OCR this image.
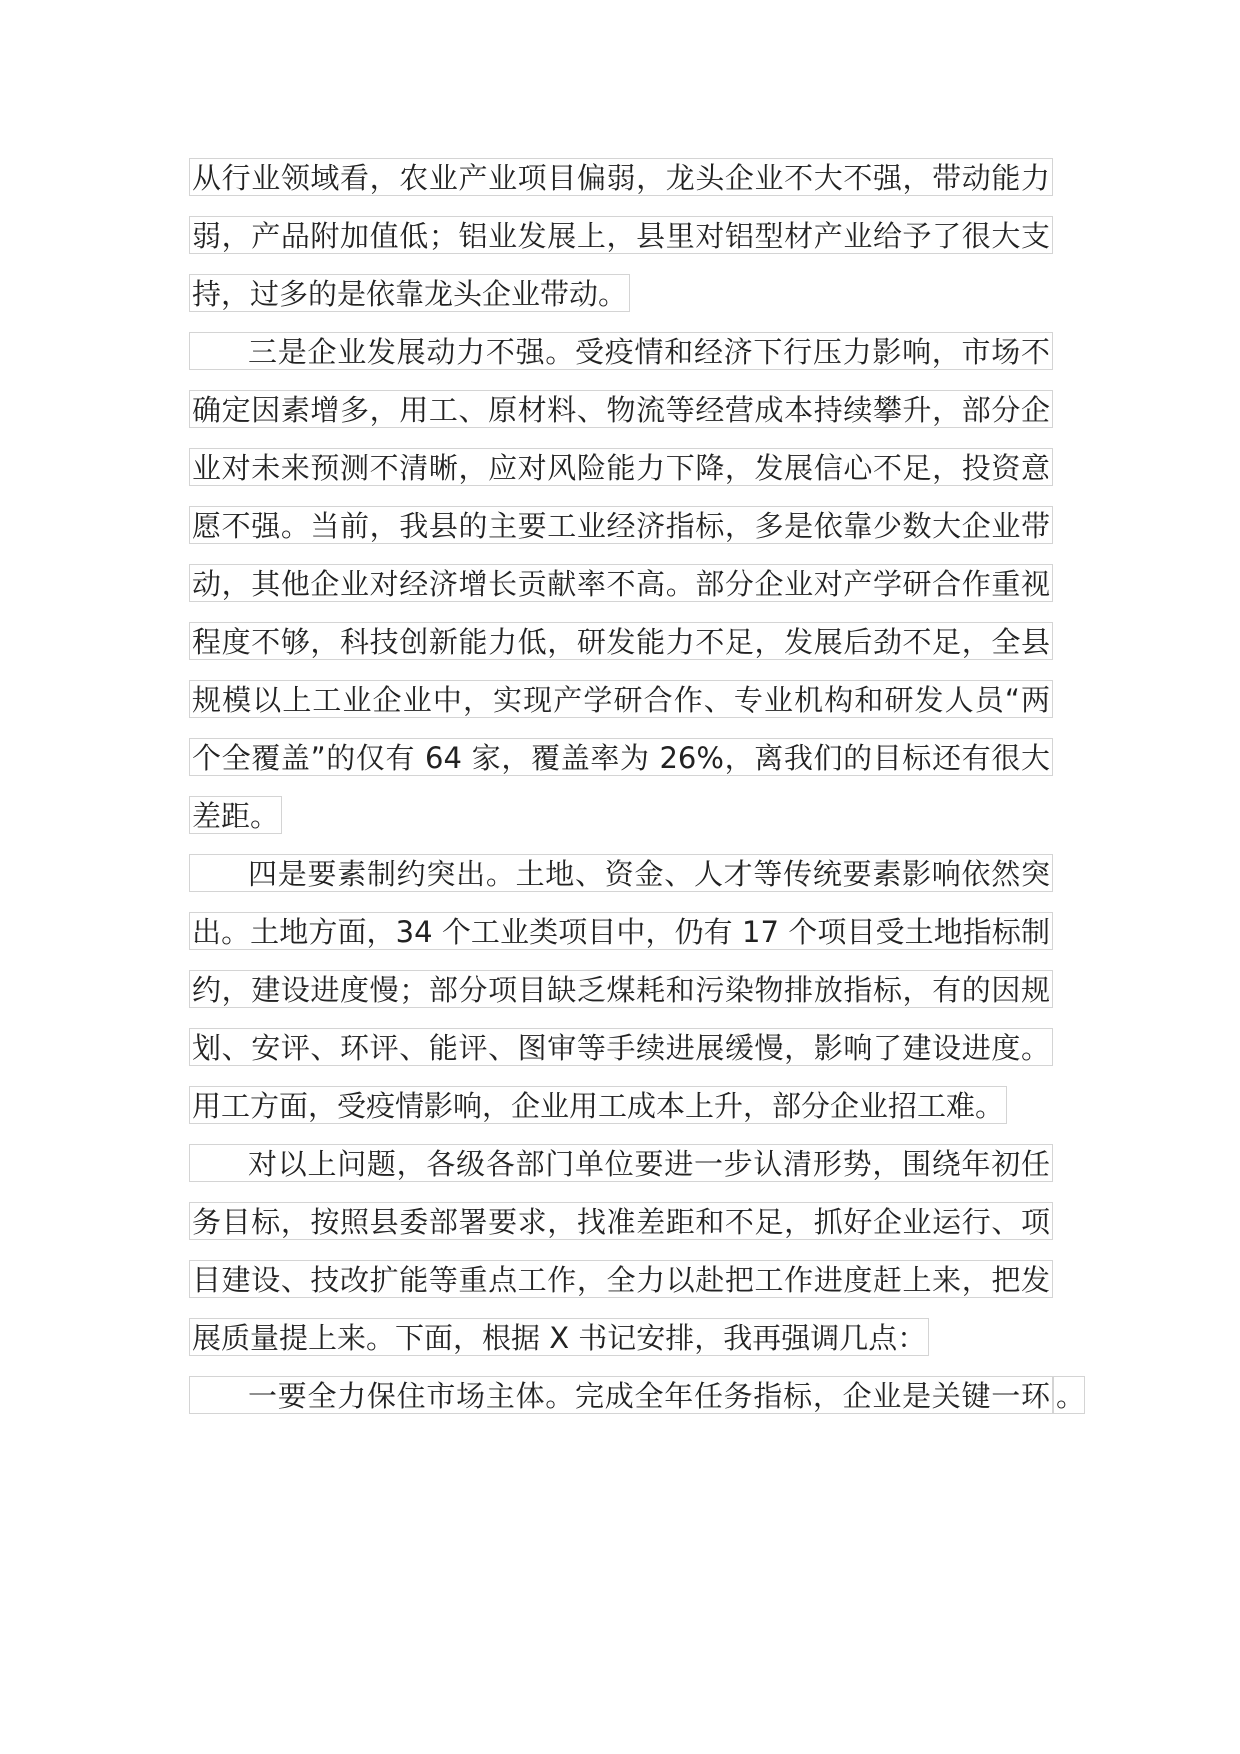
从行业领域看，农业产业项目偏弱，龙头企业不大不强，带动能力
弱，产品附加值低；铝业发展上，县里对铝型材产业给予了很大支
持，过多的是依靠龙头企业带动。
三是企业发展动力不强。受疫情和经济下行压力影响，市场不
确定因素增多，用工、原材料、物流等经营成本持续攀升，部分企
业对未来预测不清晰，应对风险能力下降，发展信心不足，投资意
愿不强。当前，我县的主要工业经济指标，多是依靠少数大企业带
动，其他企业对经济增长贡献率不高。部分企业对产学研合作重视
程度不够，科技创新能力低，研发能力不足，发展后劲不足，全县
规模以上工业企业中，实现产学研合作、专业机构和研发人员“两
个全覆盖”的仅有 64 家，覆盖率为 26%，离我们的目标还有很大
差距。
四是要素制约突出。土地、资金、人才等传统要素影响依然突
出。土地方面，34 个工业类项目中，仍有 17 个项目受土地指标制
约，建设进度慢；部分项目缺乏煤耗和污染物排放指标，有的因规
划、安评、环评、能评、图审等手续进展缓慢，影响了建设进度。
用工方面，受疫情影响，企业用工成本上升，部分企业招工难。
对以上问题，各级各部门单位要进一步认清形势，围绕年初任
务目标，按照县委部署要求，找准差距和不足，抓好企业运行、项
目建设、技改扩能等重点工作，全力以赴把工作进度赶上来，把发
展质量提上来。下面，根据 X 书记安排，我再强调几点：
一要全力保住市场主体。完成全年任务指标，企业是关键一环 。
